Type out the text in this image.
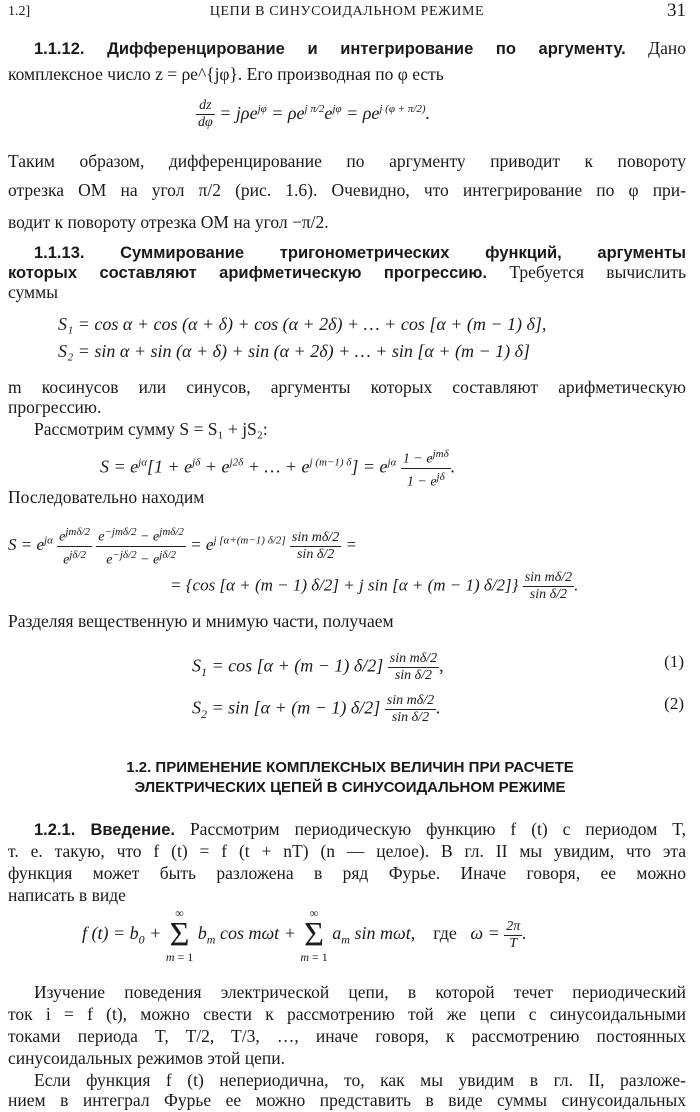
1.2]	ЦЕПИ В СИНУСОИДАЛЬНОМ РЕЖИМЕ	31
1.1.12. Дифференцирование и интегрирование по аргументу. Дано
комплексное число z = ρe^{jφ}. Его производная по φ есть
$\frac{dz}{d\varphi} = j\rho e^{j\varphi} = \rho e^{j \pi/2}e^{j\varphi} = \rho e^{j (\varphi + \pi/2)}$.
Таким образом, дифференцирование по аргументу приводит к повороту
отрезка OM на угол π/2 (рис. 1.6). Очевидно, что интегрирование по φ при-
водит к повороту отрезка OM на угол −π/2.
1.1.13. Суммирование тригонометрических функций, аргументы
которых составляют арифметическую прогрессию. Требуется вычислить
суммы
S₁ = cos α + cos (α + δ) + cos (α + 2δ) + … + cos [α + (m − 1) δ],
S₂ = sin α + sin (α + δ) + sin (α + 2δ) + … + sin [α + (m − 1) δ]
m косинусов или синусов, аргументы которых составляют арифметическую
прогрессию.
Рассмотрим сумму S = S₁ + jS₂:
$S = e^{j\alpha}[1 + e^{j\delta} + e^{j2\delta}$ + … + $e^{j (m-1) \delta}] = e^{j\alpha}$ $1 - e^{jm\delta}$
$1 - e^{j\delta}$
.
Последовательно находим
$S = e^{j\alpha}$ $e^{jm\delta/2}$
$e^{j\delta/2}$

$e^{-jm\delta/2} - e^{jm\delta/2}$
$e^{-j\delta/2} - e^{j\delta/2}$
= $e^{j [\alpha+(m-1) \delta/2]} \frac{\text{sin mδ/2}}{\text{sin δ/2}}$ =
= {cos [α + (m − 1) δ/2] + j sin [α + (m − 1) $\delta/2]\} \frac{\text{sin mδ/2}}{\text{sin δ/2}}$ .
Разделяя вещественную и мнимую части, получаем
$S_1 = \cos [\alpha + (m - 1)$ $\delta/2] \frac{\text{sin mδ/2}}{\text{sin δ/2}}$ ,	(1)
$S_2 = \sin [\alpha + (m - 1)$ $\delta/2] \frac{\text{sin mδ/2}}{\text{sin δ/2}}$ .	(2)
1.2. ПРИМЕНЕНИЕ КОМПЛЕКСНЫХ ВЕЛИЧИН ПРИ РАСЧЕТЕ
ЭЛЕКТРИЧЕСКИХ ЦЕПЕЙ В СИНУСОИДАЛЬНОМ РЕЖИМЕ
1.2.1. Введение. Рассмотрим периодическую функцию f (t) с периодом T,
т. е. такую, что f (t) = f (t + nT) (n — целое). В гл. II мы увидим, что эта
функция может быть разложена в ряд Фурье. Иначе говоря, ее можно
написать в виде
f $(t) = b_0$ +
∞
Σ
m = 1
$b_m$ cos mωt +
∞
Σ
m = 1
$a_m$ sin mωt,    где   $\omega = \frac{2\pi}{T}$ .
Изучение поведения электрической цепи, в которой течет периодический
ток i = f (t), можно свести к рассмотрению той же цепи с синусоидальными
токами периода T, T/2, T/3, …, иначе говоря, к рассмотрению постоянных
синусоидальных режимов этой цепи.
Если функция f (t) непериодична, то, как мы увидим в гл. II, разложе-
нием в интеграл Фурье ее можно представить в виде суммы синусоидальных
